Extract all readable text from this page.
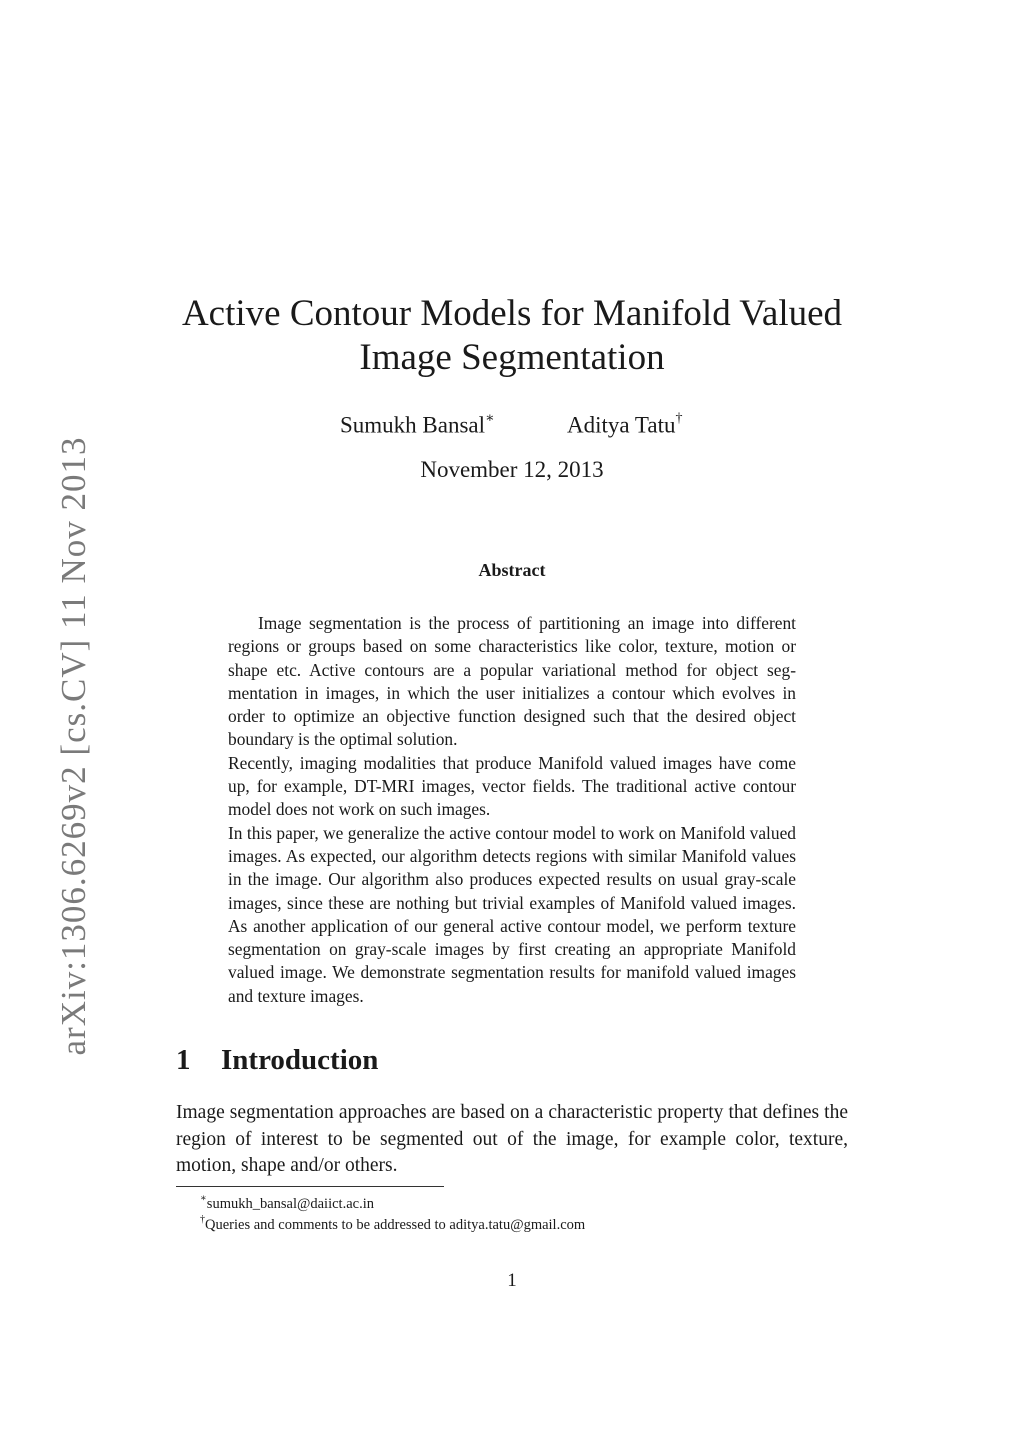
arXiv:1306.6269v2 [cs.CV] 11 Nov 2013
Active Contour Models for Manifold Valued
Image Segmentation
Sumukh Bansal∗	Aditya Tatu†
November 12, 2013
Abstract

Image segmentation is the process of partitioning an image into different regions or groups based on some characteristics like color, texture, motion or shape etc. Active contours are a popular variational method for object segmentation in images, in which the user initializes a contour which evolves in order to optimize an objective function designed such that the desired object boundary is the optimal solution.

Recently, imaging modalities that produce Manifold valued images have come up, for example, DT-MRI images, vector fields. The traditional active contour model does not work on such images.

In this paper, we generalize the active contour model to work on Manifold valued images. As expected, our algorithm detects regions with similar Manifold values in the image. Our algorithm also produces expected results on usual gray-scale images, since these are nothing but trivial examples of Manifold valued images. As another application of our general active contour model, we perform texture segmentation on gray-scale images by first creating an appropriate Manifold valued image. We demonstrate segmentation results for manifold valued images and texture images.

1 Introduction

Image segmentation approaches are based on a characteristic property that defines the region of interest to be segmented out of the image, for example color, texture, motion, shape and/or others.

∗sumukh_bansal@daiict.ac.in
†Queries and comments to be addressed to aditya.tatu@gmail.com
1
